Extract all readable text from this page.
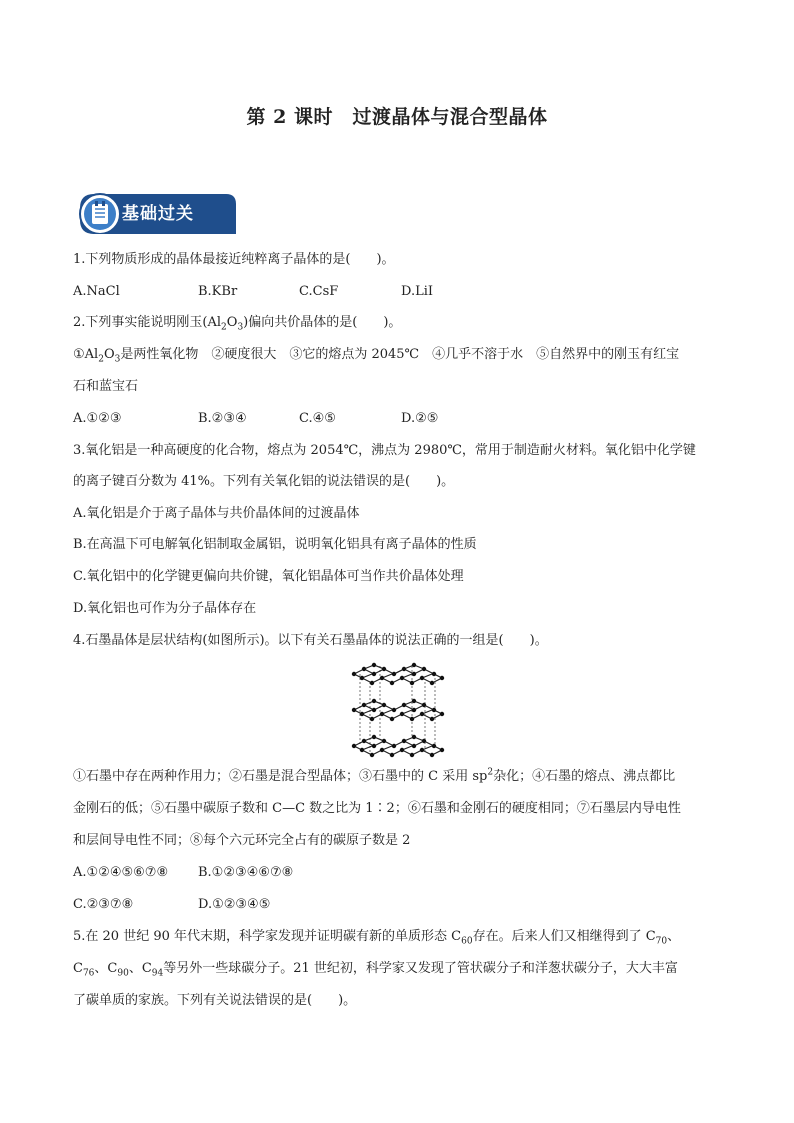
第 2 课时　过渡晶体与混合型晶体
基础过关
1.下列物质形成的晶体最接近纯粹离子晶体的是(　　)。
A.NaCl	B.KBr	C.CsF	D.LiI
2.下列事实能说明刚玉$(Al_2O_3)$偏向共价晶体的是(　　)。
$①Al_2O_3$是两性氧化物　②硬度很大　③它的熔点为 2045℃　④几乎不溶于水　⑤自然界中的刚玉有红宝
石和蓝宝石
A.①②③	B.②③④	C.④⑤	D.②⑤
3.氧化铝是一种高硬度的化合物，熔点为 2054℃，沸点为 2980℃，常用于制造耐火材料。氧化铝中化学键
的离子键百分数为 41%。下列有关氧化铝的说法错误的是(　　)。
A.氧化铝是介于离子晶体与共价晶体间的过渡晶体
B.在高温下可电解氧化铝制取金属铝，说明氧化铝具有离子晶体的性质
C.氧化铝中的化学键更偏向共价键，氧化铝晶体可当作共价晶体处理
D.氧化铝也可作为分子晶体存在
4.石墨晶体是层状结构(如图所示)。以下有关石墨晶体的说法正确的一组是(　　)。
①石墨中存在两种作用力；②石墨是混合型晶体；③石墨中的 C 采用 $sp^2$杂化；④石墨的熔点、沸点都比
金刚石的低；⑤石墨中碳原子数和 C—C 数之比为 1∶2；⑥石墨和金刚石的硬度相同；⑦石墨层内导电性
和层间导电性不同；⑧每个六元环完全占有的碳原子数是 2
A.①②④⑤⑥⑦⑧ B.①②③④⑥⑦⑧
C.②③⑦⑧	D.①②③④⑤
5.在 20 世纪 90 年代末期，科学家发现并证明碳有新的单质形态 $C_{60}$存在。后来人们又相继得到了 $C_{70}$、
$C_{76}$、$C_{90}$、$C_{94}$等另外一些球碳分子。21 世纪初，科学家又发现了管状碳分子和洋葱状碳分子，大大丰富
了碳单质的家族。下列有关说法错误的是(　　)。
